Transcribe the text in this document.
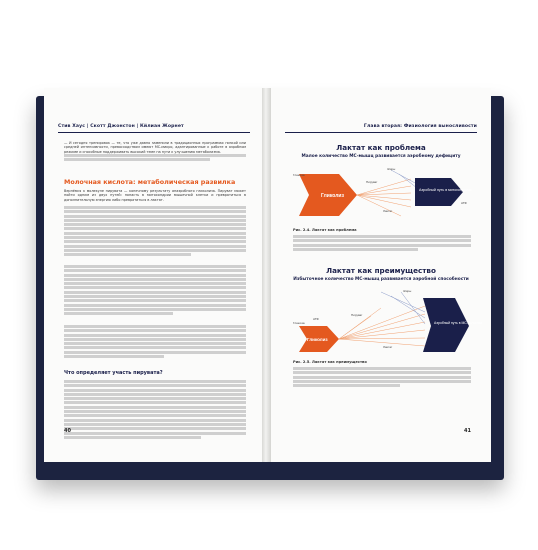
Стив Хаус | Скотт Джонстон | Кйлиан Жорнет
— И сегодня тренировок — те, что уже давно заменили в традиционных программах низкой или средней интенсивности, превосходством имеют МС-микро, адаптированные к работе в аэробном режиме и способные поддерживать высокий темп на пути к улучшению метаболизма.
Молочная кислота: метаболическая развилка
Вернёмся к молекуле пирувата — конечному результату анаэробного гликолиза. Пируват может пойти одним из двух путей: попасть в митохондрии мышечной клетки и превратиться в дополнительную энергию либо превратиться в лактат.
Что определяет участь пирувата?
40
Глава вторая: Физиология выносливости
Лактат как проблема
Малое количество МС-мышц развивается аэробному дефициту
Гликолиз
Аэробный путь в митохондриях
Глюкоза
Пируват
АТФ
Жиры
Лактат
Рис. 2.4. Лактат как проблема
Лактат как преимущество
Избыточное количество МС-мышц развивается аэробной способности
Гликолиз
Аэробный путь в МС-волокнах
Глюкоза
Пируват
АТФ
Жиры
Лактат
Рис. 2.5. Лактат как преимущество
41
